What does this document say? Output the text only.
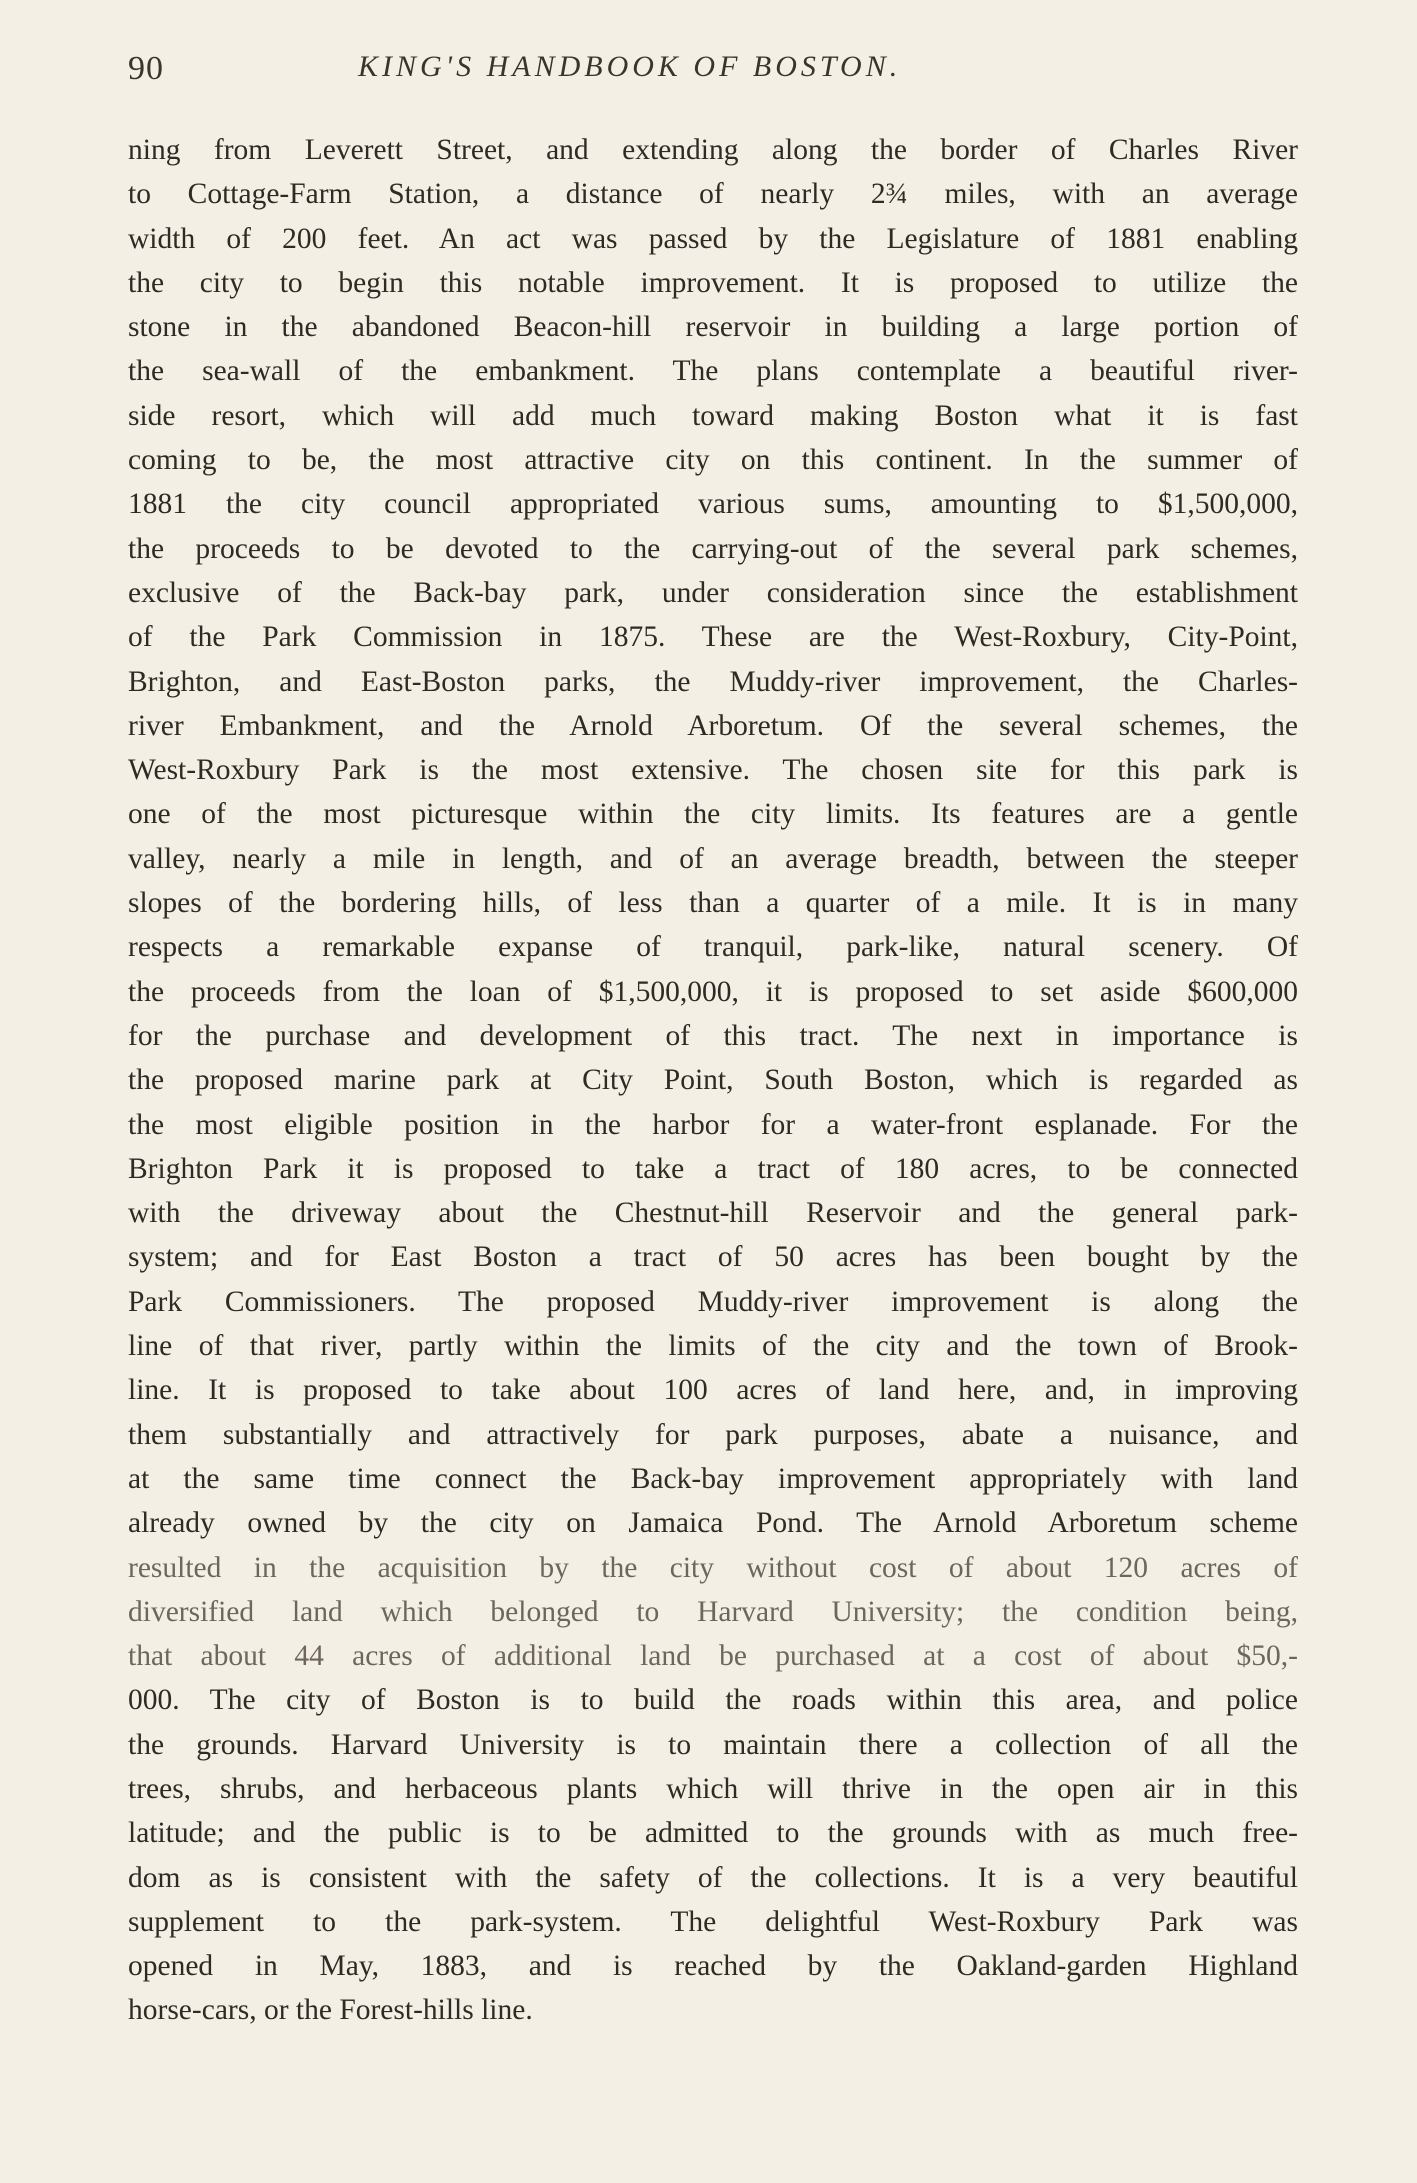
90	KING'S HANDBOOK OF BOSTON.
ning from Leverett Street, and extending along the border of Charles River
to Cottage-Farm Station, a distance of nearly 2¾ miles, with an average
width of 200 feet. An act was passed by the Legislature of 1881 enabling
the city to begin this notable improvement. It is proposed to utilize the
stone in the abandoned Beacon-hill reservoir in building a large portion of
the sea-wall of the embankment. The plans contemplate a beautiful river-
side resort, which will add much toward making Boston what it is fast
coming to be, the most attractive city on this continent. In the summer of
1881 the city council appropriated various sums, amounting to $1,500,000,
the proceeds to be devoted to the carrying-out of the several park schemes,
exclusive of the Back-bay park, under consideration since the establishment
of the Park Commission in 1875. These are the West-Roxbury, City-Point,
Brighton, and East-Boston parks, the Muddy-river improvement, the Charles-
river Embankment, and the Arnold Arboretum. Of the several schemes, the
West-Roxbury Park is the most extensive. The chosen site for this park is
one of the most picturesque within the city limits. Its features are a gentle
valley, nearly a mile in length, and of an average breadth, between the steeper
slopes of the bordering hills, of less than a quarter of a mile. It is in many
respects a remarkable expanse of tranquil, park-like, natural scenery. Of
the proceeds from the loan of $1,500,000, it is proposed to set aside $600,000
for the purchase and development of this tract. The next in importance is
the proposed marine park at City Point, South Boston, which is regarded as
the most eligible position in the harbor for a water-front esplanade. For the
Brighton Park it is proposed to take a tract of 180 acres, to be connected
with the driveway about the Chestnut-hill Reservoir and the general park-
system; and for East Boston a tract of 50 acres has been bought by the
Park Commissioners. The proposed Muddy-river improvement is along the
line of that river, partly within the limits of the city and the town of Brook-
line. It is proposed to take about 100 acres of land here, and, in improving
them substantially and attractively for park purposes, abate a nuisance, and
at the same time connect the Back-bay improvement appropriately with land
already owned by the city on Jamaica Pond. The Arnold Arboretum scheme
resulted in the acquisition by the city without cost of about 120 acres of
diversified land which belonged to Harvard University; the condition being,
that about 44 acres of additional land be purchased at a cost of about $50,-
000. The city of Boston is to build the roads within this area, and police
the grounds. Harvard University is to maintain there a collection of all the
trees, shrubs, and herbaceous plants which will thrive in the open air in this
latitude; and the public is to be admitted to the grounds with as much free-
dom as is consistent with the safety of the collections. It is a very beautiful
supplement to the park-system. The delightful West-Roxbury Park was
opened in May, 1883, and is reached by the Oakland-garden Highland
horse-cars, or the Forest-hills line.
